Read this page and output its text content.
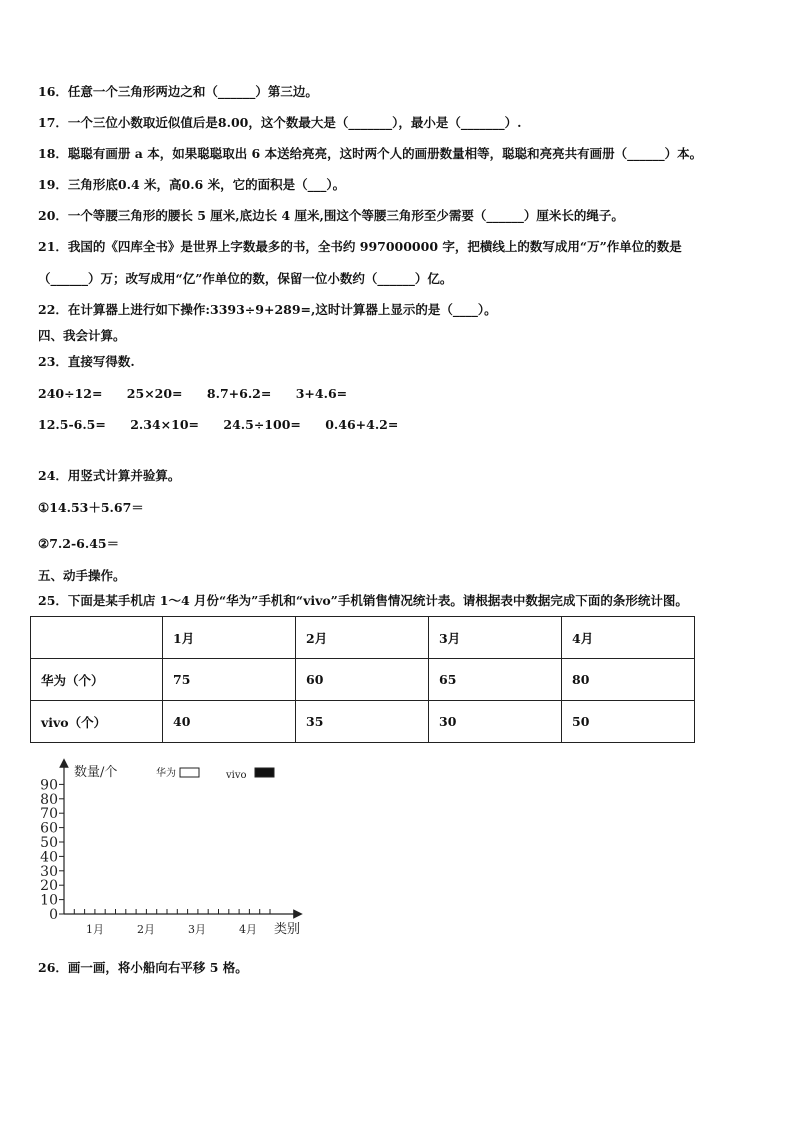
16．任意一个三角形两边之和（______）第三边。
17．一个三位小数取近似值后是8.00，这个数最大是（_______），最小是（_______）.
18．聪聪有画册 a 本，如果聪聪取出 6 本送给亮亮，这时两个人的画册数量相等，聪聪和亮亮共有画册（______）本。
19．三角形底0.4 米，高0.6 米，它的面积是（___）。
20．一个等腰三角形的腰长 5 厘米,底边长 4 厘米,围这个等腰三角形至少需要（______）厘米长的绳子。
21．我国的《四库全书》是世界上字数最多的书，全书约 997000000 字，把横线上的数写成用“万”作单位的数是
（______）万；改写成用“亿”作单位的数，保留一位小数约（______）亿。
22．在计算器上进行如下操作:3393÷9+289=,这时计算器上显示的是（____）。
四、我会计算。
23．直接写得数.
240÷12= 25×20= 8.7+6.2= 3+4.6=
12.5-6.5= 2.34×10= 24.5÷100= 0.46+4.2=
24．用竖式计算并验算。
①14.53＋5.67＝
②7.2-6.45＝
五、动手操作。
25．下面是某手机店 1～4 月份“华为”手机和“vivo”手机销售情况统计表。请根据表中数据完成下面的条形统计图。
	1月	2月	3月	4月
华为（个）	75	60	65	80
vivo（个）	40	35	30	50
0
10
20
30
40
50
60
70
80
90
1月	2月	3月	4月
数量/个
类别
华为	vivo
26．画一画，将小船向右平移 5 格。
